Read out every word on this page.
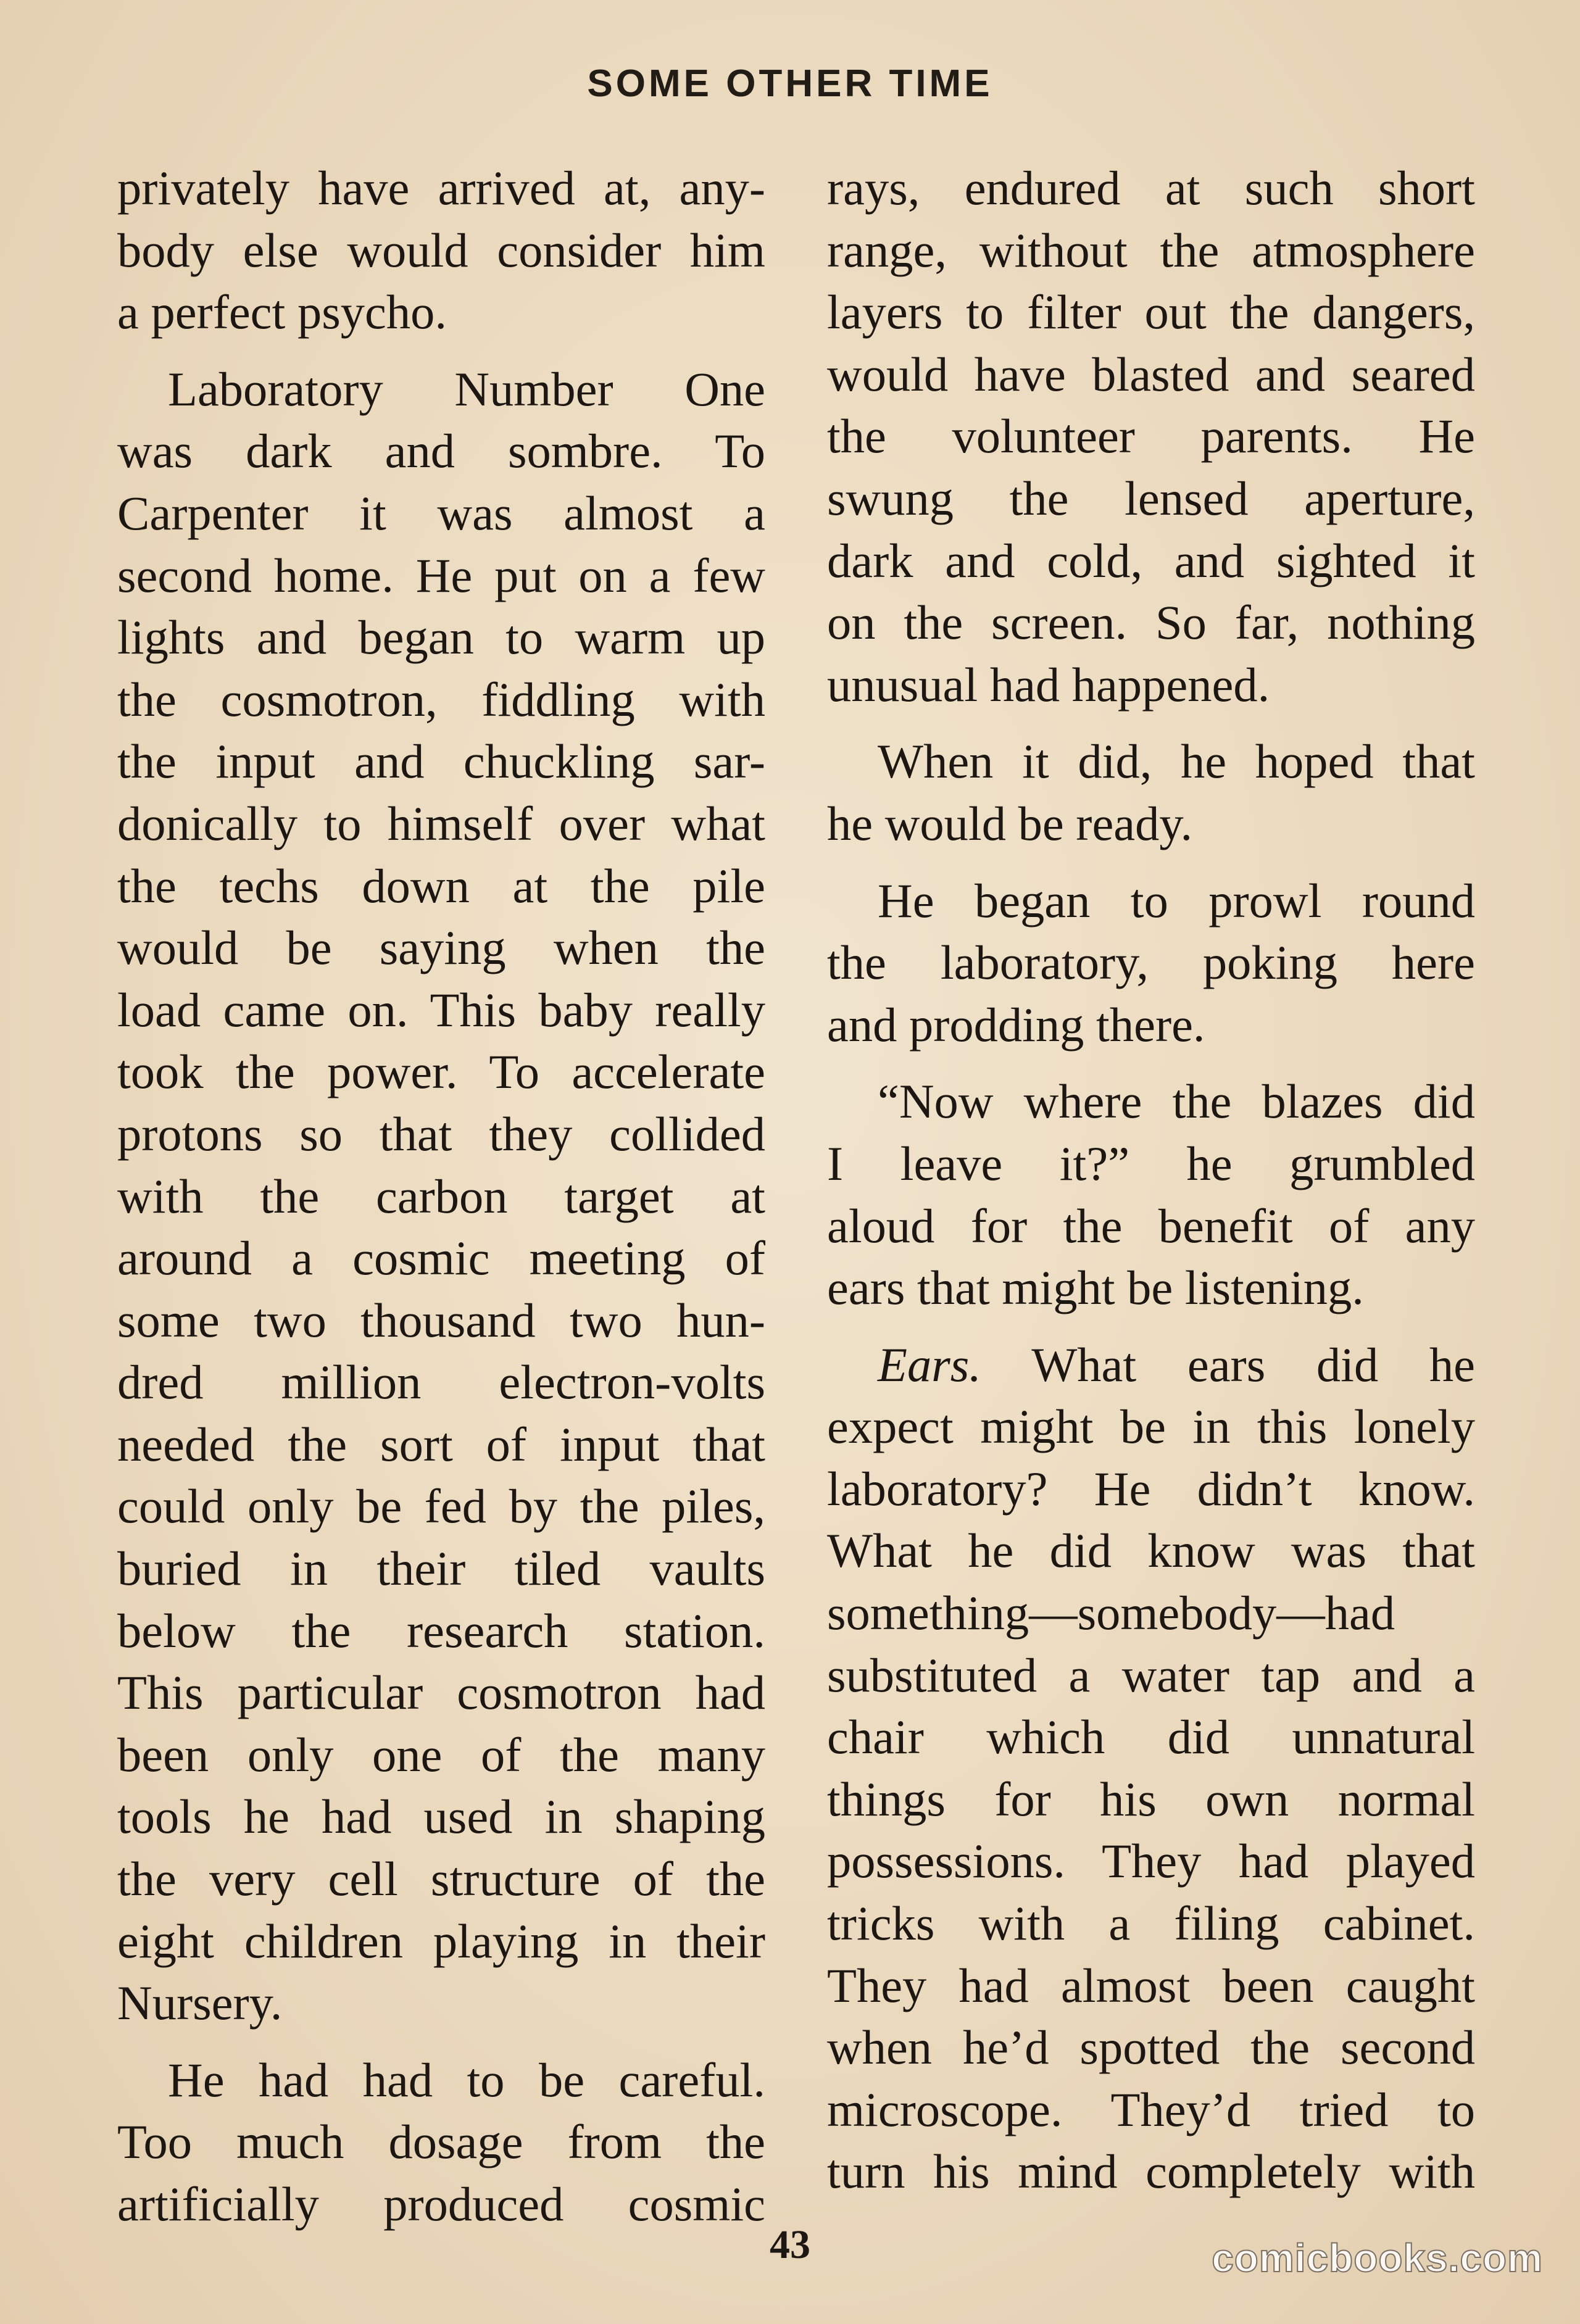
SOME OTHER TIME

privately have arrived at, any-
body else would consider him
a perfect psycho.

Laboratory Number One
was dark and sombre. To
Carpenter it was almost a
second home. He put on a few
lights and began to warm up
the cosmotron, fiddling with
the input and chuckling sar-
donically to himself over what
the techs down at the pile
would be saying when the
load came on. This baby really
took the power. To accelerate
protons so that they collided
with the carbon target at
around a cosmic meeting of
some two thousand two hun-
dred million electron-volts
needed the sort of input that
could only be fed by the piles,
buried in their tiled vaults
below the research station.
This particular cosmotron had
been only one of the many
tools he had used in shaping
the very cell structure of the
eight children playing in their
Nursery.

He had had to be careful.
Too much dosage from the
artificially produced cosmic

rays, endured at such short
range, without the atmosphere
layers to filter out the dangers,
would have blasted and seared
the volunteer parents. He
swung the lensed aperture,
dark and cold, and sighted it
on the screen. So far, nothing
unusual had happened.

When it did, he hoped that
he would be ready.

He began to prowl round
the laboratory, poking here
and prodding there.

“Now where the blazes did
I leave it?” he grumbled
aloud for the benefit of any
ears that might be listening.

Ears. What ears did he
expect might be in this lonely
laboratory? He didn’t know.
What he did know was that
something—somebody—had
substituted a water tap and a
chair which did unnatural
things for his own normal
possessions. They had played
tricks with a filing cabinet.
They had almost been caught
when he’d spotted the second
microscope. They’d tried to
turn his mind completely with

43	comicbooks.com
